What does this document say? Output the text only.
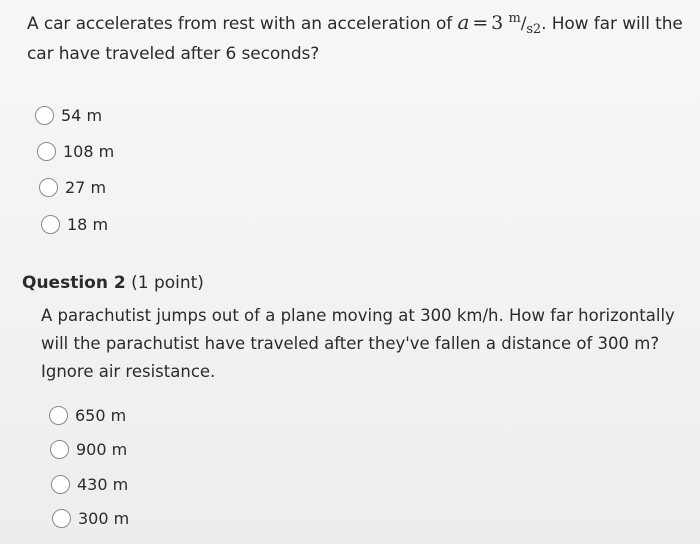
A car accelerates from rest with an acceleration of a = 3 m/s2. How far will the car have traveled after 6 seconds?
54 m
108 m
27 m
18 m
Question 2 (1 point)
A parachutist jumps out of a plane moving at 300 km/h. How far horizontally will the parachutist have traveled after they've fallen a distance of 300 m? Ignore air resistance.
650 m
900 m
430 m
300 m
